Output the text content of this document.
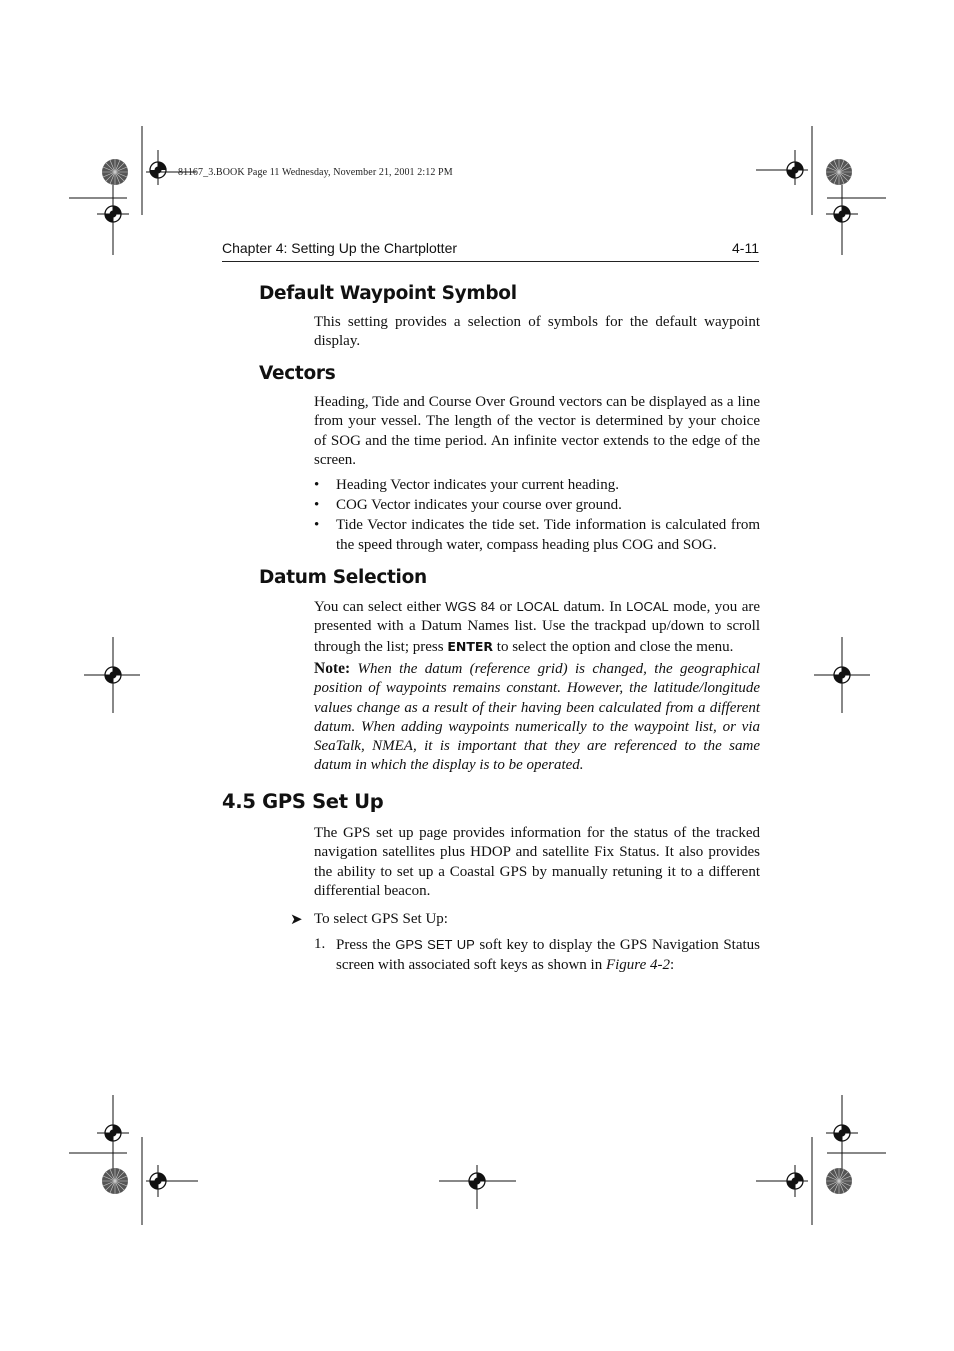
81167_3.BOOK Page 11 Wednesday, November 21, 2001 2:12 PM
Chapter 4: Setting Up the Chartplotter	4-11
Default Waypoint Symbol
This setting provides a selection of symbols for the default waypoint display.
Vectors
Heading, Tide and Course Over Ground vectors can be displayed as a line from your vessel. The length of the vector is determined by your choice of SOG and the time period. An infinite vector extends to the edge of the screen.
• Heading Vector indicates your current heading.
• COG Vector indicates your course over ground.
• Tide Vector indicates the tide set. Tide information is calculated from the speed through water, compass heading plus COG and SOG.
Datum Selection
You can select either WGS 84 or LOCAL datum. In LOCAL mode, you are presented with a Datum Names list. Use the trackpad up/down to scroll through the list; press ENTER to select the option and close the menu.
Note: When the datum (reference grid) is changed, the geographical position of waypoints remains constant. However, the latitude/longitude values change as a result of their having been calculated from a different datum. When adding waypoints numerically to the waypoint list, or via SeaTalk, NMEA, it is important that they are referenced to the same datum in which the display is to be operated.
4.5 GPS Set Up
The GPS set up page provides information for the status of the tracked navigation satellites plus HDOP and satellite Fix Status. It also provides the ability to set up a Coastal GPS by manually retuning it to a different differential beacon.
➤ To select GPS Set Up:
1. Press the GPS SET UP soft key to display the GPS Navigation Status screen with associated soft keys as shown in Figure 4-2:
